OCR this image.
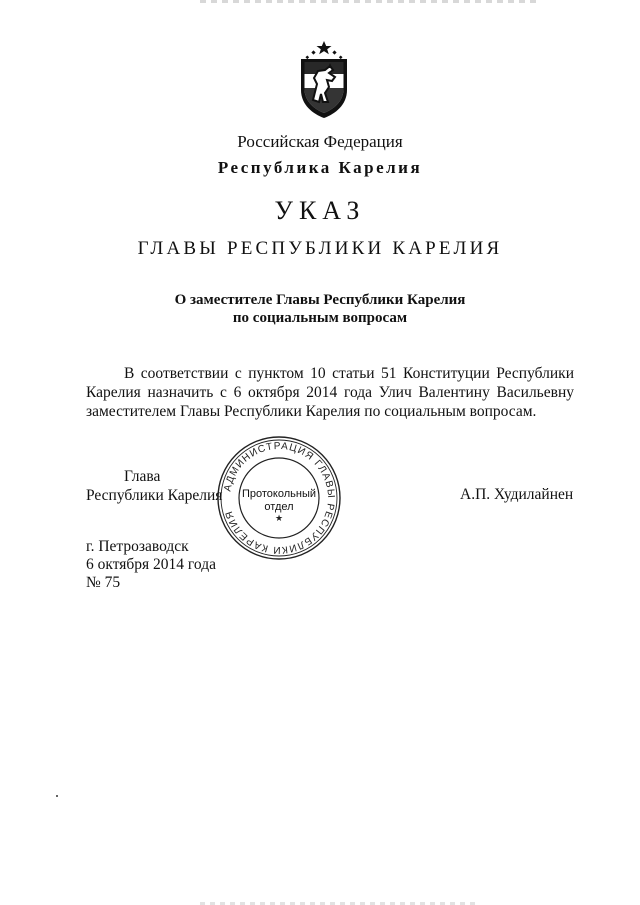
Российская Федерация
Республика Карелия
УКАЗ
ГЛАВЫ РЕСПУБЛИКИ КАРЕЛИЯ
О заместителе Главы Республики Карелия
по социальным вопросам

В соответствии с пунктом 10 статьи 51 Конституции Республики Карелия назначить с 6 октября 2014 года Улич Валентину Васильевну заместителем Главы Республики Карелия по социальным вопросам.

Глава
Республики Карелия АДМИНИСТРАЦИЯ ГЛАВЫ РЕСПУБЛИКИ КАРЕЛИЯ	★
Протокольный
отдел
А.П. Худилайнен
г. Петрозаводск
6 октября 2014 года
№ 75
